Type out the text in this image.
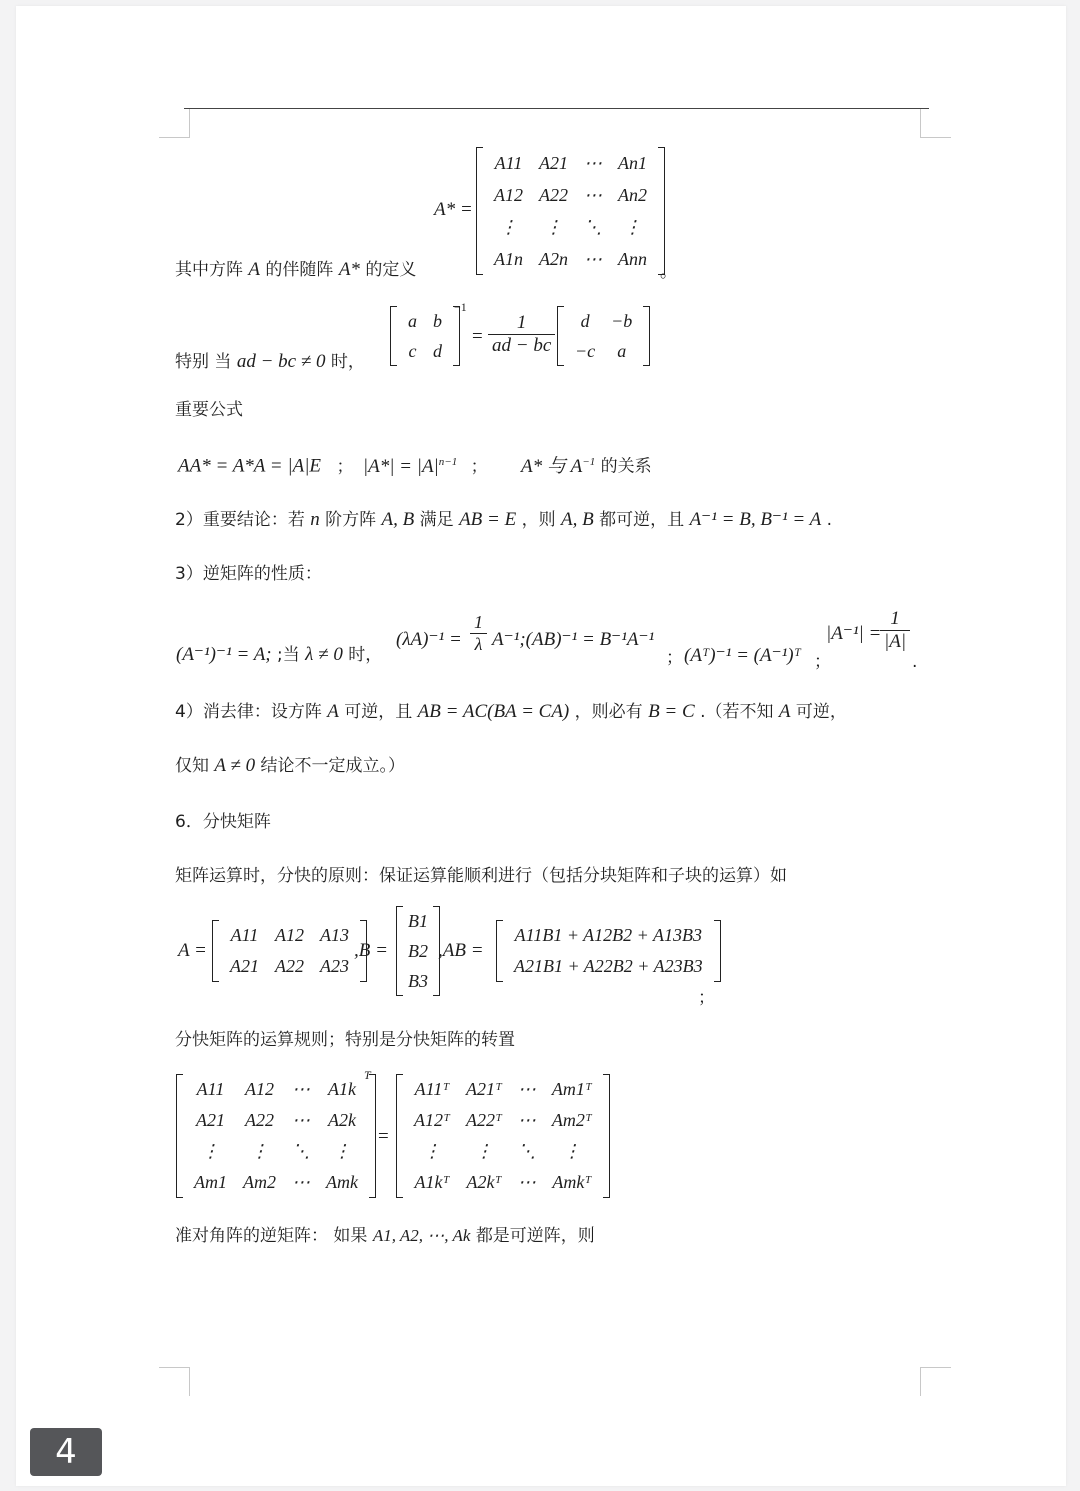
A* =
A11	A21	⋯	An1
A12	A22	⋯	An2
⋮	⋮	⋱	⋮
A1n	A2n	⋯	Ann
其中方阵 A 的伴随阵 A* 的定义	。
特别 当 ad − bc ≠ 0 时，
a	b
c	d
−1
= $\frac{1}{ad - bc}$ d	−b
−c	a
重要公式
AA* = A*A = |A|E ； $|A*| = |A|^{n-1}$ ； A* 与 $A^{-1}$ 的关系
2）重要结论：若 n 阶方阵 A, B 满足 AB = E ，则 A, B 都可逆，且 A⁻¹ = B, B⁻¹ = A .
3）逆矩阵的性质：
(A⁻¹)⁻¹ = A; ;当 λ ≠ 0 时，
$(\lambda A)^{-1} = \frac{1}{\lambda}$ A⁻¹;(AB)⁻¹ = B⁻¹A⁻¹
； (Aᵀ)⁻¹ = (A⁻¹)ᵀ ；
|A⁻¹| =
$\frac{1}{|A|}$
.
4）消去律：设方阵 A 可逆，且 AB = AC(BA = CA) ，则必有 B = C .（若不知 A 可逆，
仅知 A ≠ 0 结论不一定成立。）
6．分快矩阵
矩阵运算时，分快的原则：保证运算能顺利进行（包括分块矩阵和子块的运算）如
A =
A11	A12	A13
A21	A22	A23
,B =
B1
B2
B3
,AB =
A11B1 + A12B2 + A13B3
A21B1 + A22B2 + A23B3
；
分快矩阵的运算规则；特别是分快矩阵的转置
A11	A12	⋯	A1k
A21	A22	⋯	A2k
⋮	⋮	⋱	⋮
Am1	Am2	⋯	Amk
T
=
A11ᵀ	A21ᵀ	⋯	Am1ᵀ
A12ᵀ	A22ᵀ	⋯	Am2ᵀ
⋮	⋮	⋱	⋮
A1kᵀ	A2kᵀ	⋯	Amkᵀ
准对角阵的逆矩阵： 如果 A1, A2, ⋯, Ak 都是可逆阵，则
4
